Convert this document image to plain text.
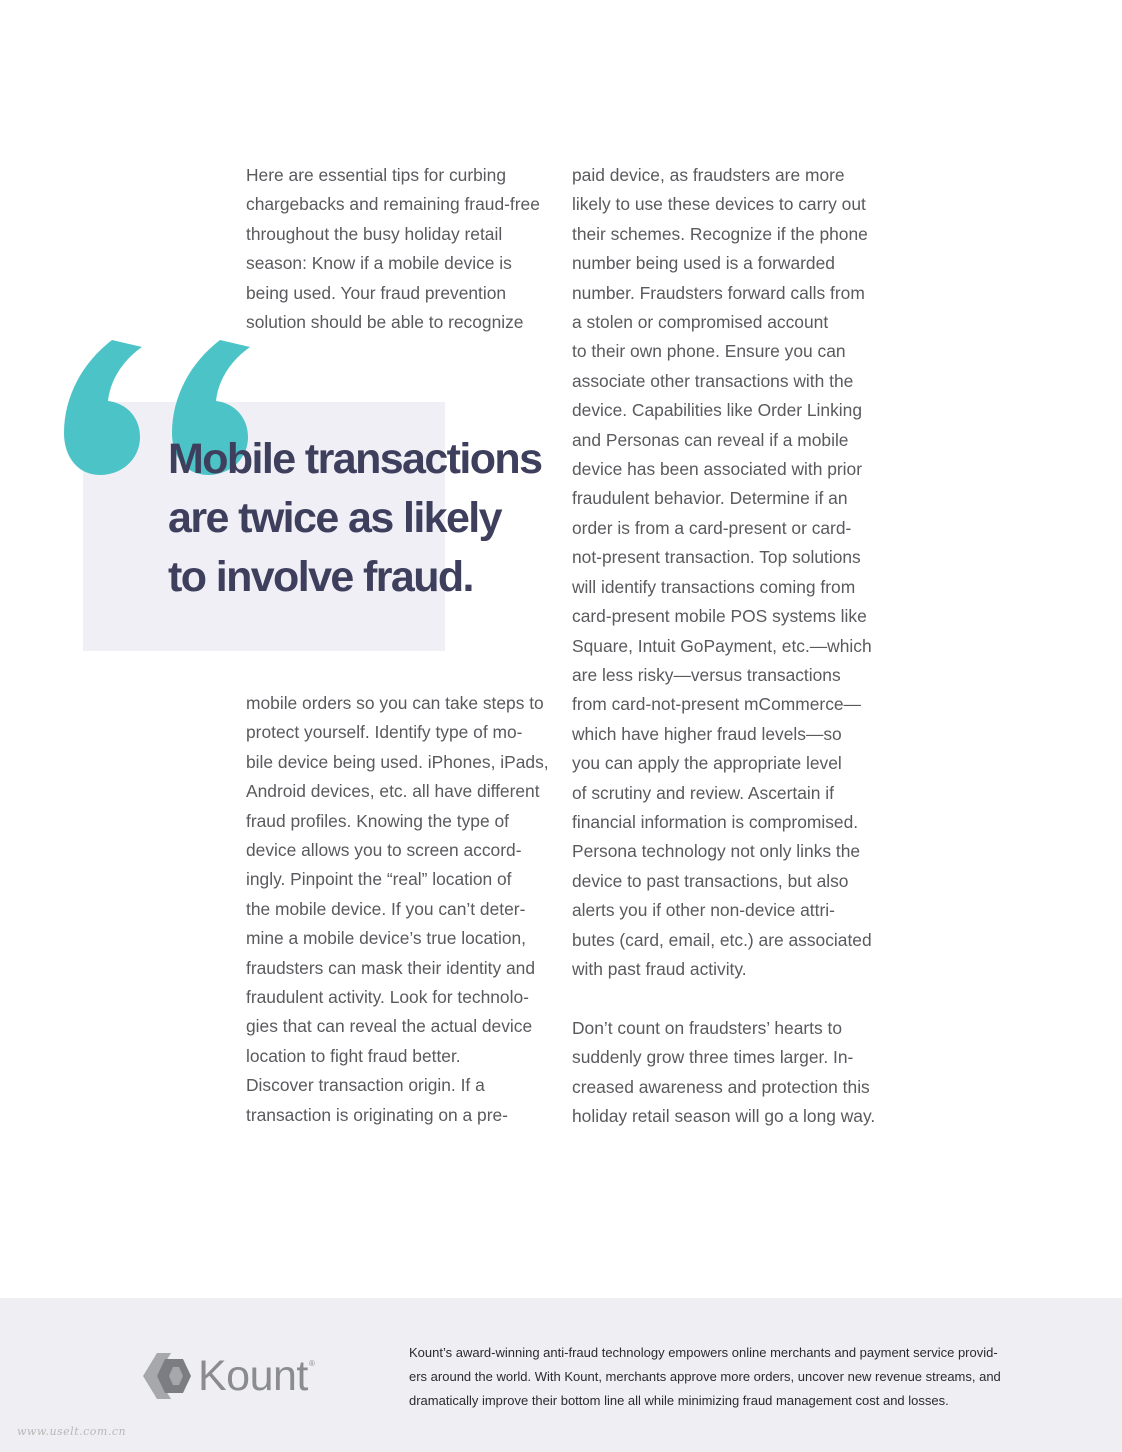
Here are essential tips for curbing
chargebacks and remaining fraud-free
throughout the busy holiday retail
season: Know if a mobile device is
being used. Your fraud prevention
solution should be able to recognize
Mobile transactions
are twice as likely
to involve fraud.
mobile orders so you can take steps to
protect yourself. Identify type of mo-
bile device being used. iPhones, iPads,
Android devices, etc. all have different
fraud profiles. Knowing the type of
device allows you to screen accord-
ingly. Pinpoint the “real” location of
the mobile device. If you can’t deter-
mine a mobile device’s true location,
fraudsters can mask their identity and
fraudulent activity. Look for technolo-
gies that can reveal the actual device
location to fight fraud better.
Discover transaction origin. If a
transaction is originating on a pre-
paid device, as fraudsters are more
likely to use these devices to carry out
their schemes. Recognize if the phone
number being used is a forwarded
number. Fraudsters forward calls from
a stolen or compromised account
to their own phone. Ensure you can
associate other transactions with the
device. Capabilities like Order Linking
and Personas can reveal if a mobile
device has been associated with prior
fraudulent behavior. Determine if an
order is from a card-present or card-
not-present transaction. Top solutions
will identify transactions coming from
card-present mobile POS systems like
Square, Intuit GoPayment, etc.—which
are less risky—versus transactions
from card-not-present mCommerce—
which have higher fraud levels—so
you can apply the appropriate level
of scrutiny and review. Ascertain if
financial information is compromised.
Persona technology not only links the
device to past transactions, but also
alerts you if other non-device attri-
butes (card, email, etc.) are associated
with past fraud activity.
Don’t count on fraudsters’ hearts to
suddenly grow three times larger. In-
creased awareness and protection this
holiday retail season will go a long way.
Kount ®
Kount’s award-winning anti-fraud technology empowers online merchants and payment service provid-
ers around the world. With Kount, merchants approve more orders, uncover new revenue streams, and
dramatically improve their bottom line all while minimizing fraud management cost and losses.
www.uselt.com.cn
